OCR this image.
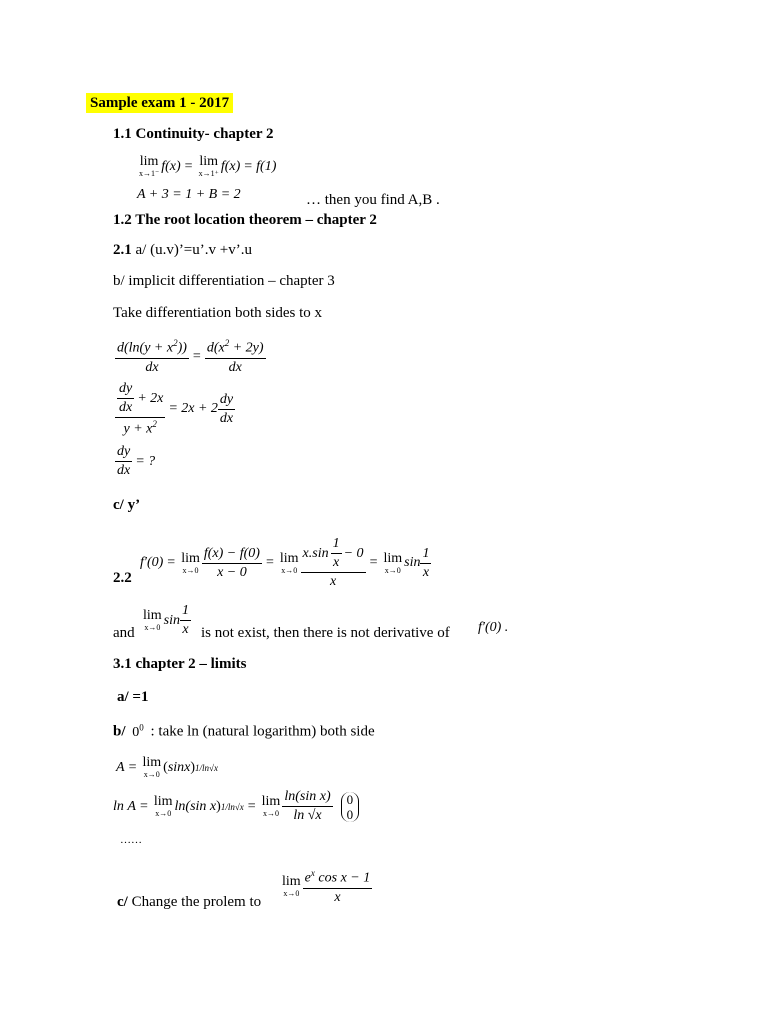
Sample exam 1 - 2017
1.1 Continuity- chapter 2
lim
x→1⁻ f (x) = lim
x→1⁺ f (x) = f (1)
A + 3 = 1 + B = 2	… then you find A,B .
1.2 The root location theorem – chapter 2
2.1 a/ (u.v)’=u’.v +v’.u
b/ implicit differentiation – chapter 3
Take differentiation both sides to x
$\frac{d(\ln(y + x^2))}{dx} = \frac{d(x^2 + 2y)}{dx}$
$\frac{\frac{dy}{dx} + 2x}{y + x^2} = 2x + 2 \frac{dy}{dx}$
$\frac{dy}{dx}$ = ?
c/ y’
2.2
f ′(0) = lim
$x\to 0 \frac{f(x) - f(0)}{x - 0} = \lim$
$x\to 0 \frac{x.\sin \frac{1}{x} - 0}{x} = \lim$
x→0 $\sin \frac{1}{x}$
and
lim
x→0 $\sin \frac{1}{x}$ is not exist, then there is not derivative of f′(0) .
3.1 chapter 2 – limits
a/ =1
b/ $0^0$ : take ln (natural logarithm) both side
A = lim
x→0 ( sin x ) 1/ln√x
ln A = lim
x→0 ln(sin x ) 1/ln√x = lim
$x\to 0 \frac{\text{ln(sin x)}}{\ln √x} 0$
0
……
lim
$x\to 0 \frac{e^x \cos x - 1}{x}$
c/ Change the prolem to
